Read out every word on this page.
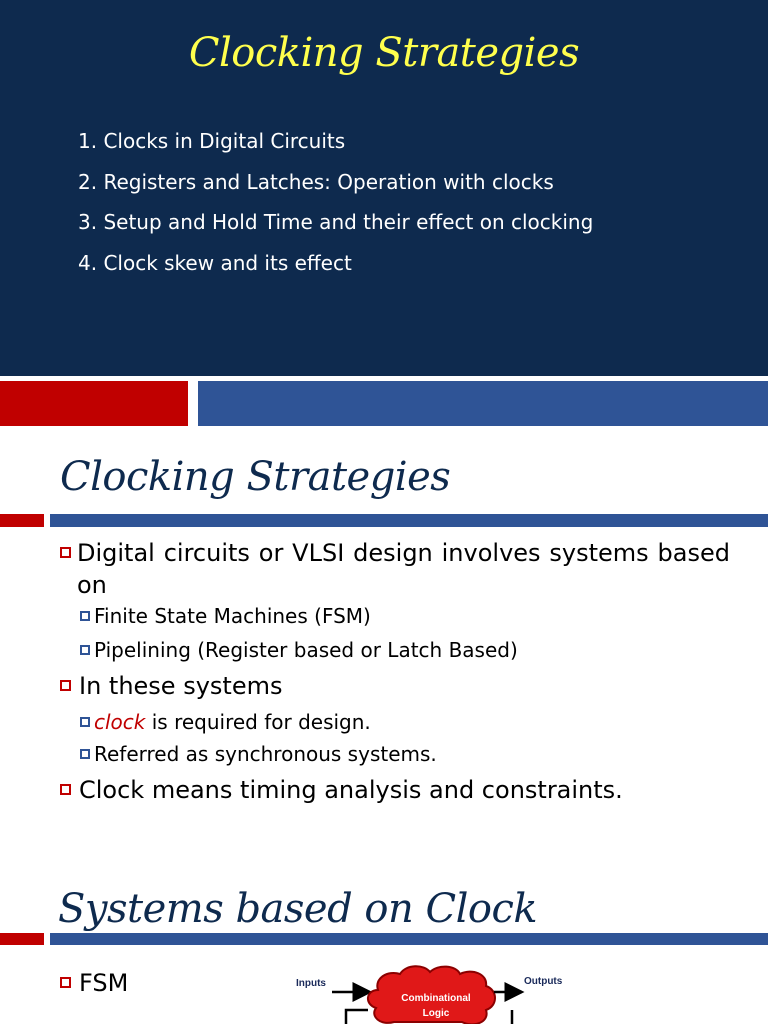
Clocking Strategies
1. Clocks in Digital Circuits
2. Registers and Latches: Operation with clocks
3. Setup and Hold Time and their effect on clocking
4. Clock skew and its effect
Clocking Strategies
Digital circuits or VLSI design involves systems based on
Finite State Machines (FSM)
Pipelining (Register based or Latch Based)
In these systems
clock is required for design.
Referred as synchronous systems.
Clock means timing analysis and constraints.
Systems based on Clock
FSM	Inputs
Combinational
Logic
Outputs
